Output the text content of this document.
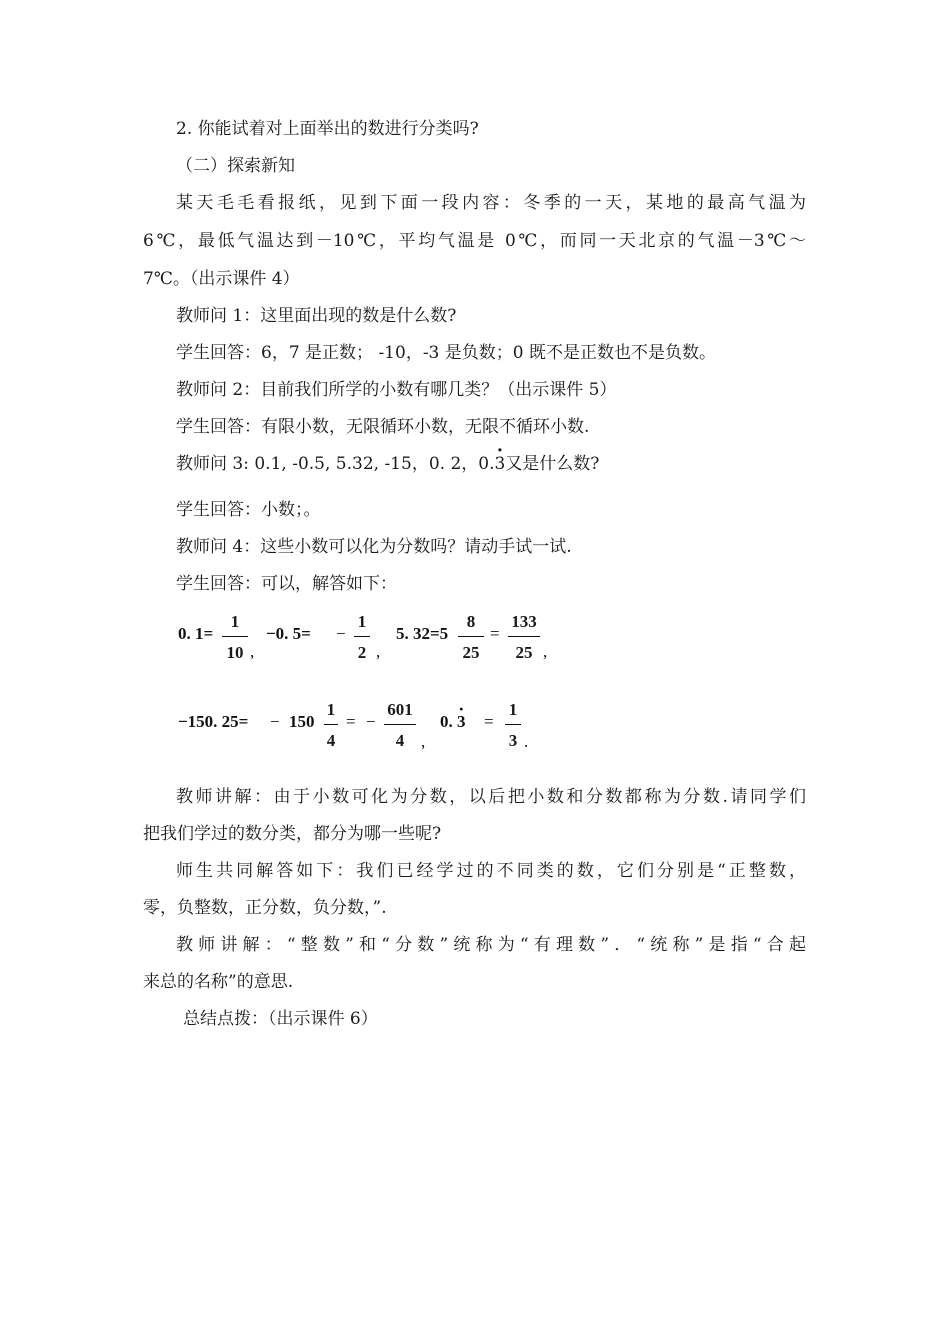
2. 你能试着对上面举出的数进行分类吗?
（二）探索新知
某天毛毛看报纸，见到下面一段内容：冬季的一天，某地的最高气温为
6℃，最低气温达到－10℃，平均气温是 0℃，而同一天北京的气温－3℃～
7℃。（出示课件 4）
教师问 1：这里面出现的数是什么数?
学生回答：6，7 是正数； -10，-3 是负数；0 既不是正数也不是负数。
教师问 2：目前我们所学的小数有哪几类？（出示课件 5）
学生回答：有限小数，无限循环小数，无限不循环小数.
教师问 3: 0.1, -0.5, 5.32, -15，0. 2，0.· 3又是什么数?
学生回答：小数；。
教师问 4：这些小数可以化为分数吗？请动手试一试.
学生回答：可以，解答如下：
0. 1=
1
10 ,
−0. 5= −
1
2 ,
5. 32=5
8
25
=
133
25 ,
−150. 25= − 150
1
4
= −
601
4 ,
0. · 3 =
1
3 .
教师讲解：由于小数可化为分数，以后把小数和分数都称为分数.请同学们
把我们学过的数分类，都分为哪一些呢?
师生共同解答如下：我们已经学过的不同类的数，它们分别是“正整数，
零，负整数，正分数，负分数，”.
教师讲解：“整数”和“分数”统称为“有理数”．“统称”是指“合起
来总的名称”的意思.
总结点拨：（出示课件 6）
